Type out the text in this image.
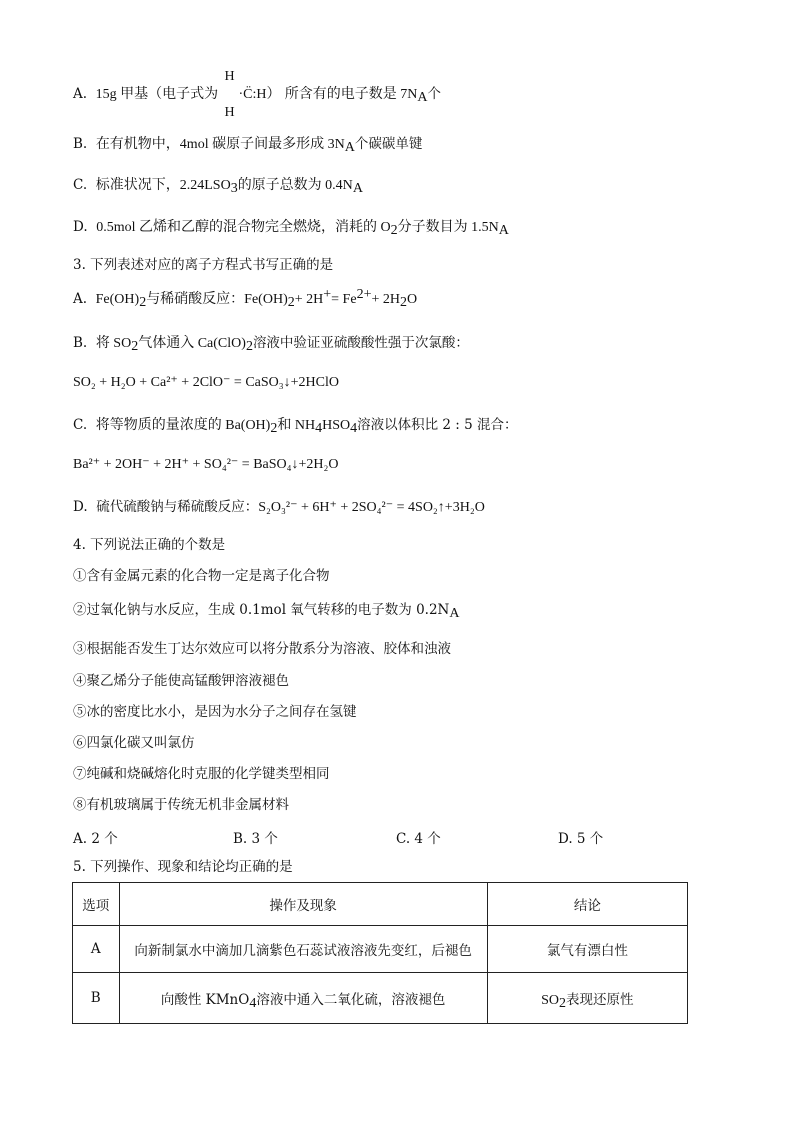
A. 15g 甲基（电子式为
H
H
·C̈:H） 所含有的电子数是 $7N_A$个
B. 在有机物中，4mol 碳原子间最多形成 $3N_A$个碳碳单键
C. 标准状况下，$2.24LSO_3$的原子总数为 $0.4N_A$
D. 0.5mol 乙烯和乙醇的混合物完全燃烧，消耗的 $O_2$分子数目为 $1.5N_A$
3. 下列表述对应的离子方程式书写正确的是
A. $Fe(OH)_2$与稀硝酸反应：$Fe(OH)_2+ 2H^+= Fe^{2+}+ 2H_2O$
B. 将 $SO_2$气体通入 $Ca(ClO)_2$溶液中验证亚硫酸酸性强于次氯酸：
SO₂ + H₂O + Ca²⁺ + 2ClO⁻ = CaSO₃↓+2HClO
C. 将等物质的量浓度的 $Ba(OH)_2$和 $NH_4HSO_4$溶液以体积比 2 : 5 混合：
Ba²⁺ + 2OH⁻ + 2H⁺ + SO₄²⁻ = BaSO₄↓+2H₂O
D. 硫代硫酸钠与稀硫酸反应：S₂O₃²⁻ + 6H⁺ + 2SO₄²⁻ = 4SO₂↑+3H₂O
4. 下列说法正确的个数是
①含有金属元素的化合物一定是离子化合物
②过氧化钠与水反应，生成 0.1mol 氧气转移的电子数为 $0.2N_A$
③根据能否发生丁达尔效应可以将分散系分为溶液、胶体和浊液
④聚乙烯分子能使高锰酸钾溶液褪色
⑤冰的密度比水小，是因为水分子之间存在氢键
⑥四氯化碳又叫氯仿
⑦纯碱和烧碱熔化时克服的化学键类型相同
⑧有机玻璃属于传统无机非金属材料
A. 2 个	B. 3 个	C. 4 个	D. 5 个
5. 下列操作、现象和结论均正确的是
选项	操作及现象	结论
A	向新制氯水中滴加几滴紫色石蕊试液溶液先变红，后褪色	氯气有漂白性
B	向酸性 KMnO$_4$溶液中通入二氧化硫，溶液褪色	$SO_2$表现还原性
